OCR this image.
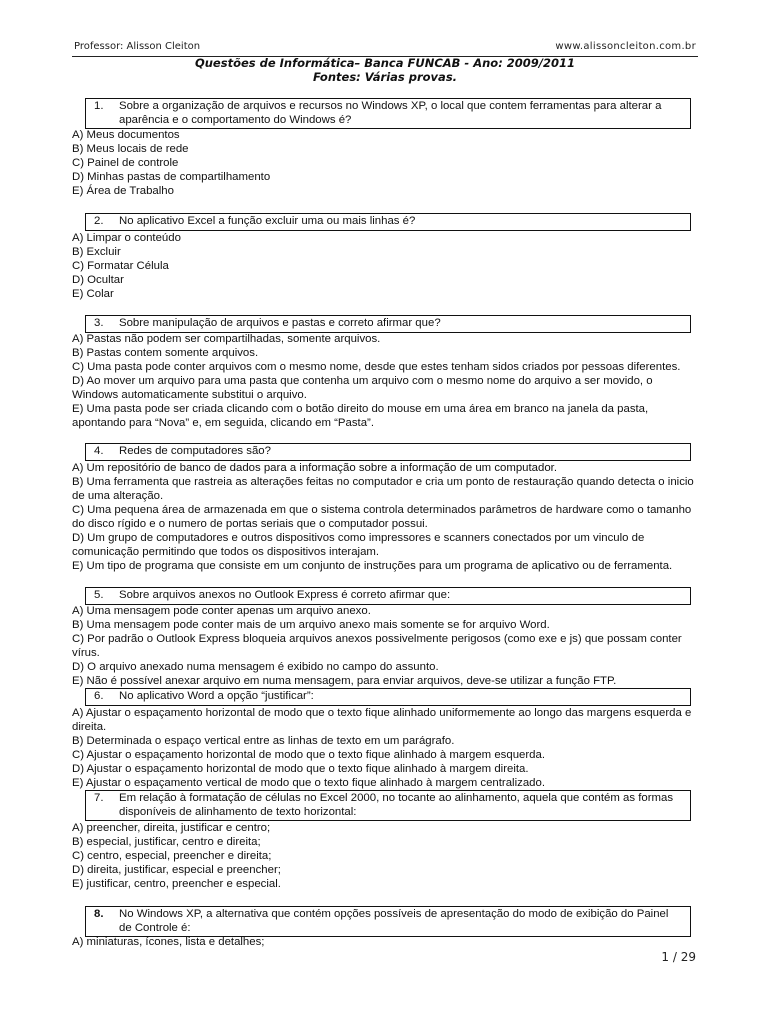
Professor: Alisson Cleiton	www.alissoncleiton.com.br
Questões de Informática– Banca FUNCAB - Ano: 2009/2011
Fontes: Várias provas.
1. Sobre a organização de arquivos e recursos no Windows XP, o local que contem ferramentas para alterar a aparência e o comportamento do Windows é?
A) Meus documentos
B) Meus locais de rede
C) Painel de controle
D) Minhas pastas de compartilhamento
E) Área de Trabalho
2. No aplicativo Excel a função excluir uma ou mais linhas é?
A) Limpar o conteúdo
B) Excluir
C) Formatar Célula
D) Ocultar
E) Colar
3. Sobre manipulação de arquivos e pastas e correto afirmar que?
A) Pastas não podem ser compartilhadas, somente arquivos.
B) Pastas contem somente arquivos.
C) Uma pasta pode conter arquivos com o mesmo nome, desde que estes tenham sidos criados por pessoas diferentes.
D) Ao mover um arquivo para uma pasta que contenha um arquivo com o mesmo nome do arquivo a ser movido, o Windows automaticamente substitui o arquivo.
E) Uma pasta pode ser criada clicando com o botão direito do mouse em uma área em branco na janela da pasta, apontando para “Nova” e, em seguida, clicando em “Pasta”.
4. Redes de computadores são?
A) Um repositório de banco de dados para a informação sobre a informação de um computador.
B) Uma ferramenta que rastreia as alterações feitas no computador e cria um ponto de restauração quando detecta o inicio de uma alteração.
C) Uma pequena área de armazenada em que o sistema controla determinados parâmetros de hardware como o tamanho do disco rígido e o numero de portas seriais que o computador possui.
D) Um grupo de computadores e outros dispositivos como impressores e scanners conectados por um vinculo de comunicação permitindo que todos os dispositivos interajam.
E) Um tipo de programa que consiste em um conjunto de instruções para um programa de aplicativo ou de ferramenta.
5. Sobre arquivos anexos no Outlook Express é correto afirmar que:
A) Uma mensagem pode conter apenas um arquivo anexo.
B) Uma mensagem pode conter mais de um arquivo anexo mais somente se for arquivo Word.
C) Por padrão o Outlook Express bloqueia arquivos anexos possivelmente perigosos (como exe e js) que possam conter vírus.
D) O arquivo anexado numa mensagem é exibido no campo do assunto.
E) Não é possível anexar arquivo em numa mensagem, para enviar arquivos, deve-se utilizar a função FTP.
6. No aplicativo Word a opção “justificar”:
A) Ajustar o espaçamento horizontal de modo que o texto fique alinhado uniformemente ao longo das margens esquerda e direita.
B) Determinada o espaço vertical entre as linhas de texto em um parágrafo.
C) Ajustar o espaçamento horizontal de modo que o texto fique alinhado à margem esquerda.
D) Ajustar o espaçamento horizontal de modo que o texto fique alinhado à margem direita.
E) Ajustar o espaçamento vertical de modo que o texto fique alinhado à margem centralizado.
7. Em relação à formatação de células no Excel 2000, no tocante ao alinhamento, aquela que contém as formas disponíveis de alinhamento de texto horizontal:
A) preencher, direita, justificar e centro;
B) especial, justificar, centro e direita;
C) centro, especial, preencher e direita;
D) direita, justificar, especial e preencher;
E) justificar, centro, preencher e especial.
8. No Windows XP, a alternativa que contém opções possíveis de apresentação do modo de exibição do Painel de Controle é:
A) miniaturas, ícones, lista e detalhes;
1 / 29
